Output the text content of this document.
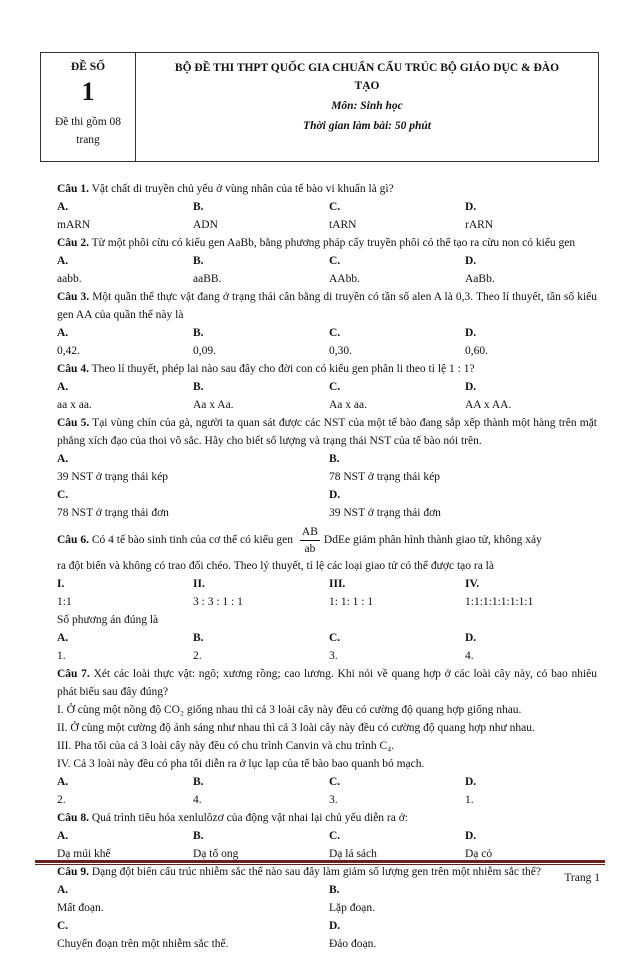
ĐỀ SỐ
1
Đề thi gồm 08
trang
BỘ ĐỀ THI THPT QUỐC GIA CHUẨN CẤU TRÚC BỘ GIÁO DỤC & ĐÀO
TẠO
Môn: Sinh học
Thời gian làm bài: 50 phút
Câu 1. Vật chất di truyền chủ yếu ở vùng nhân của tế bào vi khuẩn là gì?
A. mARN
B. ADN
C. tARN
D. rARN
Câu 2. Từ một phôi cừu có kiểu gen AaBb, bằng phương pháp cấy truyền phôi có thể tạo ra cừu non có kiểu gen
A. aabb.
B. aaBB.
C. AAbb.
D. AaBb.
Câu 3. Một quần thể thực vật đang ở trạng thái cân bằng di truyền có tần số alen A là 0,3. Theo lí thuyết, tần số kiểu gen AA của quần thể này là
A. 0,42.
B. 0,09.
C. 0,30.
D. 0,60.
Câu 4. Theo lí thuyết, phép lai nào sau đây cho đời con có kiểu gen phân li theo tỉ lệ 1 : 1?
A. aa x aa.
B. Aa x Aa.
C. Aa x aa.
D. AA x AA.
Câu 5. Tại vùng chín của gà, người ta quan sát được các NST của một tế bào đang sắp xếp thành một hàng trên mặt phẳng xích đạo của thoi vô sắc. Hãy cho biết số lượng và trạng thái NST của tế bào nói trên.
A. 39 NST ở trạng thái kép
B. 78 NST ở trạng thái kép
C. 78 NST ở trạng thái đơn
D. 39 NST ở trạng thái đơn
Câu 6. Có 4 tế bào sinh tinh của cơ thể có kiểu gen $\frac{AB}{ab}$ DdEe giảm phân hình thành giao tử, không xảy
ra đột biến và không có trao đổi chéo. Theo lý thuyết, tỉ lệ các loại giao tử có thể được tạo ra là
I. 1:1
II. 3 : 3 : 1 : 1
III. 1: 1: 1 : 1
IV. 1:1:1:1:1:1:1:1
Số phương án đúng là
A. 1.
B. 2.
C. 3.
D. 4.
Câu 7. Xét các loài thực vật: ngô; xương rồng; cao lương. Khi nói về quang hợp ở các loài cây này, có bao nhiêu phát biểu sau đây đúng?
I. Ở cùng một nồng độ CO₂ giống nhau thì cả 3 loài cây này đều có cường độ quang hợp giống nhau.
II. Ở cùng một cường độ ánh sáng như nhau thì cả 3 loài cây này đều có cường độ quang hợp như nhau.
III. Pha tối của cả 3 loài cây này đều có chu trình Canvin và chu trình C₄.
IV. Cả 3 loài này đều có pha tối diễn ra ở lục lạp của tế bào bao quanh bó mạch.
A. 2.
B. 4.
C. 3.
D. 1.
Câu 8. Quá trình tiêu hóa xenlulôzơ của động vật nhai lại chủ yếu diễn ra ở:
A. Dạ múi khế
B. Dạ tổ ong
C. Dạ lá sách
D. Dạ cỏ
Câu 9. Dạng đột biến cấu trúc nhiễm sắc thể nào sau đây làm giảm số lượng gen trên một nhiễm sắc thể?
A. Mất đoạn.
B. Lặp đoạn.
C. Chuyển đoạn trên một nhiễm sắc thể.
D. Đảo đoạn.
Trang 1
